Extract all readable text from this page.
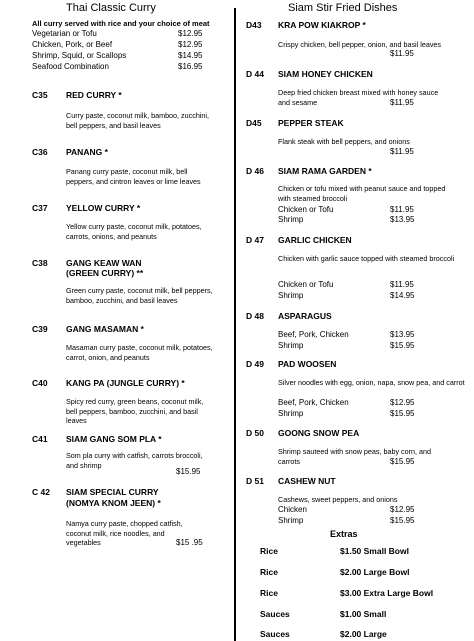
Thai Classic Curry
All curry served with rice and your choice of meat
Vegetarian or Tofu	$12.95
Chicken, Pork, or Beef	$12.95
Shrimp, Squid, or Scallops	$14.95
Seafood Combination	$16.95
C35 RED CURRY *
Curry paste, coconut milk, bamboo, zucchini, bell peppers, and basil leaves
C36 PANANG *
Panang curry paste, coconut milk, bell peppers, and cintron leaves or lime leaves
C37 YELLOW CURRY *
Yellow curry paste, coconut milk, potatoes, carrots, onions, and peanuts
C38 GANG KEAW WAN
(GREEN CURRY) **
Green curry paste, coconut milk, bell peppers, bamboo, zucchini, and basil leaves
C39 GANG MASAMAN *
Masaman curry paste, coconut milk, potatoes, carrot, onion, and peanuts
C40 KANG PA (JUNGLE CURRY) *
Spicy red curry, green beans, coconut milk, bell peppers, bamboo, zucchini, and basil leaves
C41 SIAM GANG SOM PLA *
Som pla curry with catfish, carrots broccoli, and shrimp
$15.95
C 42 SIAM SPECIAL CURRY
(NOMYA KNOM JEEN) *
Namya curry paste, chopped catfish, coconut milk, rice noodles, and vegetables	$15 .95
Siam Stir Fried Dishes
D43 KRA POW KIAKROP *
Crispy chicken, bell pepper, onion, and basil leaves
$11.95
D 44 SIAM HONEY CHICKEN
Deep fried chicken breast mixed with honey sauce and sesame	$11.95
D45 PEPPER STEAK
Flank steak with bell peppers, and onions
$11.95
D 46 SIAM RAMA GARDEN *
Chicken or tofu mixed with peanut sauce and topped with steamed broccoli
Chicken or Tofu	$11.95
Shrimp	$13.95
D 47 GARLIC CHICKEN
Chicken with garlic sauce topped with steamed broccoli
Chicken or Tofu	$11.95
Shrimp	$14.95
D 48 ASPARAGUS
Beef, Pork, Chicken	$13.95
Shrimp	$15.95
D 49 PAD WOOSEN
Silver noodles with egg, onion, napa, snow pea, and carrot
Beef, Pork, Chicken	$12.95
Shrimp	$15.95
D 50 GOONG SNOW PEA
Shrimp sauteed with snow peas, baby corn, and carrots	$15.95
D 51 CASHEW NUT
Cashews, sweet peppers, and onions
Chicken	$12.95
Shrimp	$15.95
Extras
Rice	$1.50 Small Bowl
Rice	$2.00 Large Bowl
Rice	$3.00 Extra Large Bowl
Sauces	$1.00 Small
Sauces	$2.00 Large
